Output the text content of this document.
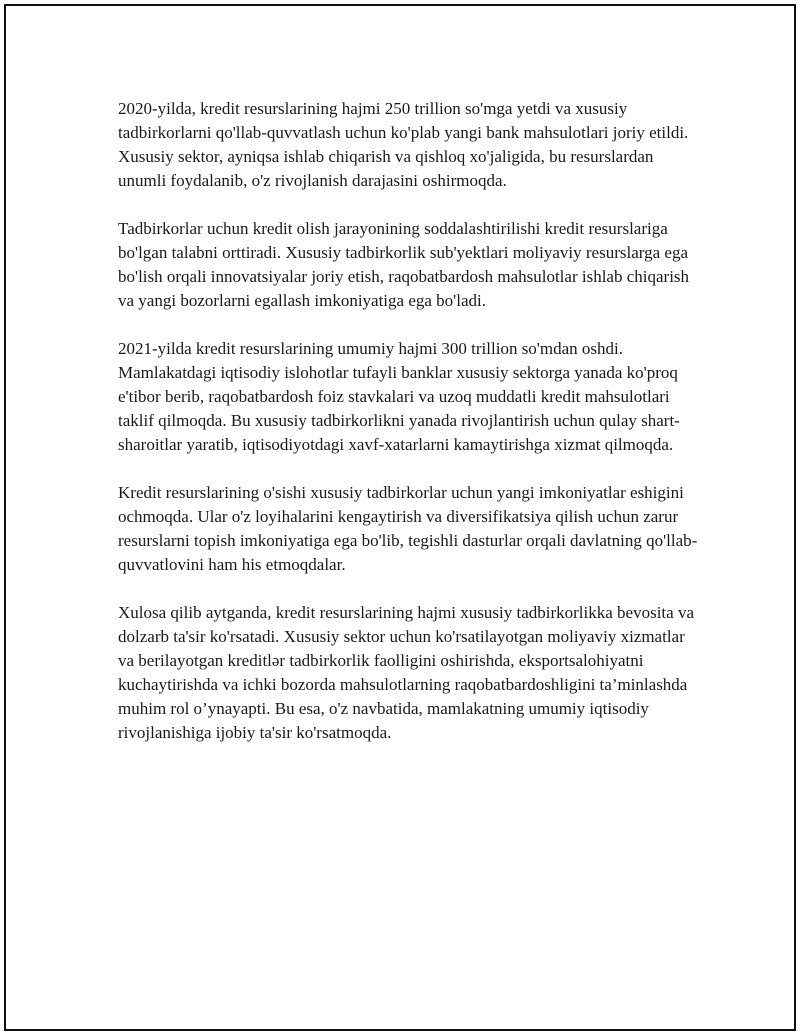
2020-yilda, kredit resurslarining hajmi 250 trillion so'mga yetdi va xususiy tadbirkorlarni qo'llab-quvvatlash uchun ko'plab yangi bank mahsulotlari joriy etildi. Xususiy sektor, ayniqsa ishlab chiqarish va qishloq xo'jaligida, bu resurslardan unumli foydalanib, o'z rivojlanish darajasini oshirmoqda.

Tadbirkorlar uchun kredit olish jarayonining soddalashtirilishi kredit resurslariga bo'lgan talabni orttiradi. Xususiy tadbirkorlik sub'yektlari moliyaviy resurslarga ega bo'lish orqali innovatsiyalar joriy etish, raqobatbardosh mahsulotlar ishlab chiqarish va yangi bozorlarni egallash imkoniyatiga ega bo'ladi.

2021-yilda kredit resurslarining umumiy hajmi 300 trillion so'mdan oshdi. Mamlakatdagi iqtisodiy islohotlar tufayli banklar xususiy sektorga yanada ko'proq e'tibor berib, raqobatbardosh foiz stavkalari va uzoq muddatli kredit mahsulotlari taklif qilmoqda. Bu xususiy tadbirkorlikni yanada rivojlantirish uchun qulay shart-sharoitlar yaratib, iqtisodiyotdagi xavf-xatarlarni kamaytirishga xizmat qilmoqda.

Kredit resurslarining o'sishi xususiy tadbirkorlar uchun yangi imkoniyatlar eshigini ochmoqda. Ular o'z loyihalarini kengaytirish va diversifikatsiya qilish uchun zarur resurslarni topish imkoniyatiga ega bo'lib, tegishli dasturlar orqali davlatning qo'llab-quvvatlovini ham his etmoqdalar.

Xulosa qilib aytganda, kredit resurslarining hajmi xususiy tadbirkorlikka bevosita va dolzarb ta'sir ko'rsatadi. Xususiy sektor uchun ko'rsatilayotgan moliyaviy xizmatlar va berilayotgan kreditlər tadbirkorlik faolligini oshirishda, eksportsalohiyatni kuchaytirishda va ichki bozorda mahsulotlarning raqobatbardoshligini ta’minlashda muhim rol o’ynayapti. Bu esa, o'z navbatida, mamlakatning umumiy iqtisodiy rivojlanishiga ijobiy ta'sir ko'rsatmoqda.
